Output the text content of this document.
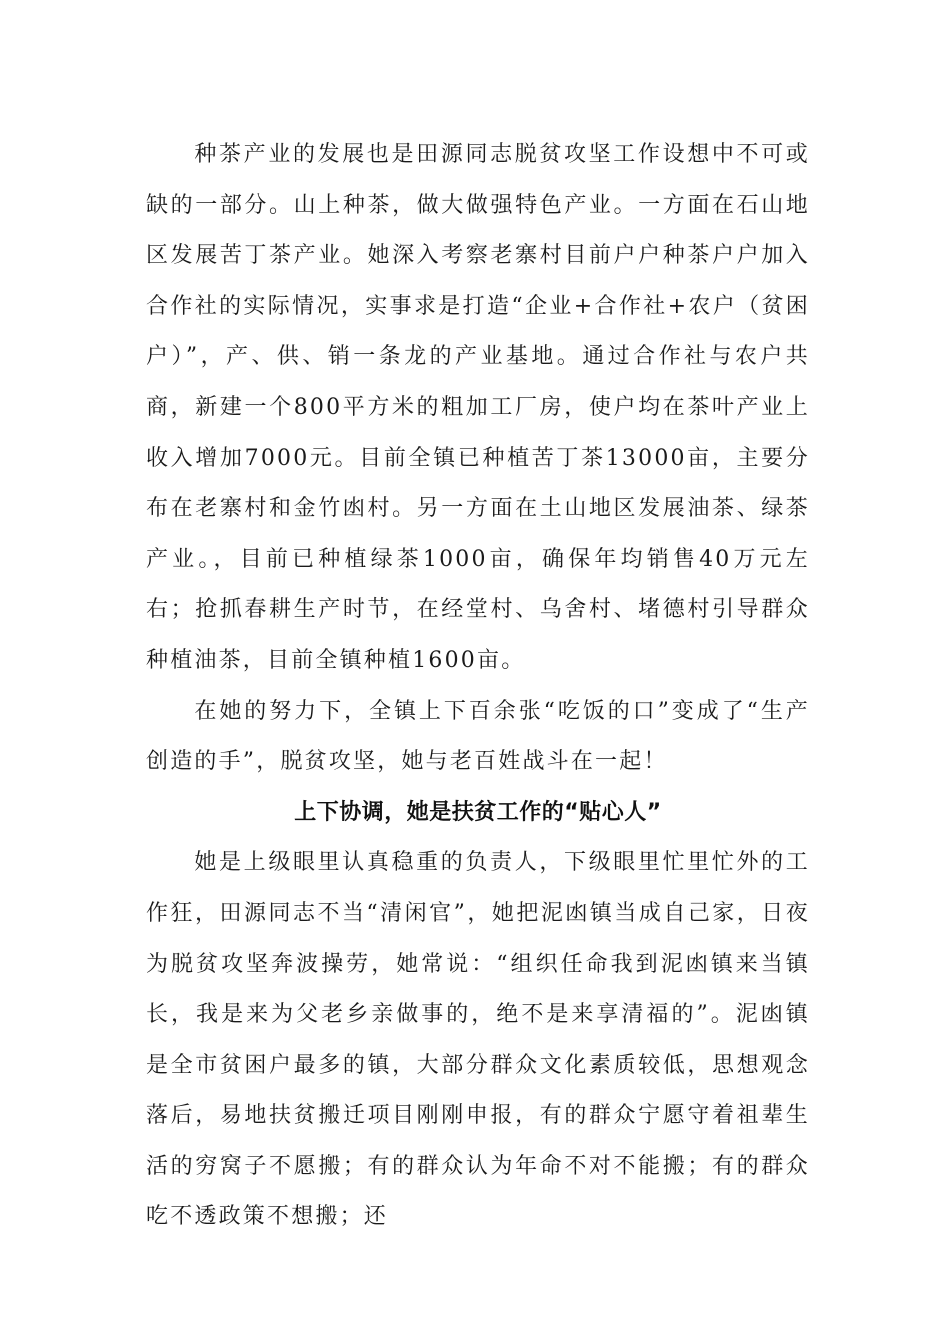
种茶产业的发展也是田源同志脱贫攻坚工作设想中不可或缺的一部分。山上种茶，做大做强特色产业。一方面在石山地区发展苦丁茶产业。她深入考察老寨村目前户户种茶户户加入合作社的实际情况，实事求是打造“企业+合作社+农户（贫困户）”，产、供、销一条龙的产业基地。通过合作社与农户共商，新建一个800平方米的粗加工厂房，使户均在茶叶产业上收入增加7000元。目前全镇已种植苦丁茶13000亩，主要分布在老寨村和金竹凼村。另一方面在土山地区发展油茶、绿茶产业。，目前已种植绿茶1000亩，确保年均销售40万元左右；抢抓春耕生产时节，在经堂村、乌舍村、堵德村引导群众种植油茶，目前全镇种植1600亩。

在她的努力下，全镇上下百余张“吃饭的口”变成了“生产创造的手”，脱贫攻坚，她与老百姓战斗在一起！

上下协调，她是扶贫工作的“贴心人”

她是上级眼里认真稳重的负责人，下级眼里忙里忙外的工作狂，田源同志不当“清闲官”，她把泥凼镇当成自己家，日夜为脱贫攻坚奔波操劳，她常说：“组织任命我到泥凼镇来当镇长，我是来为父老乡亲做事的，绝不是来享清福的”。泥凼镇是全市贫困户最多的镇，大部分群众文化素质较低，思想观念落后，易地扶贫搬迁项目刚刚申报，有的群众宁愿守着祖辈生活的穷窝子不愿搬；有的群众认为年命不对不能搬；有的群众吃不透政策不想搬；还
